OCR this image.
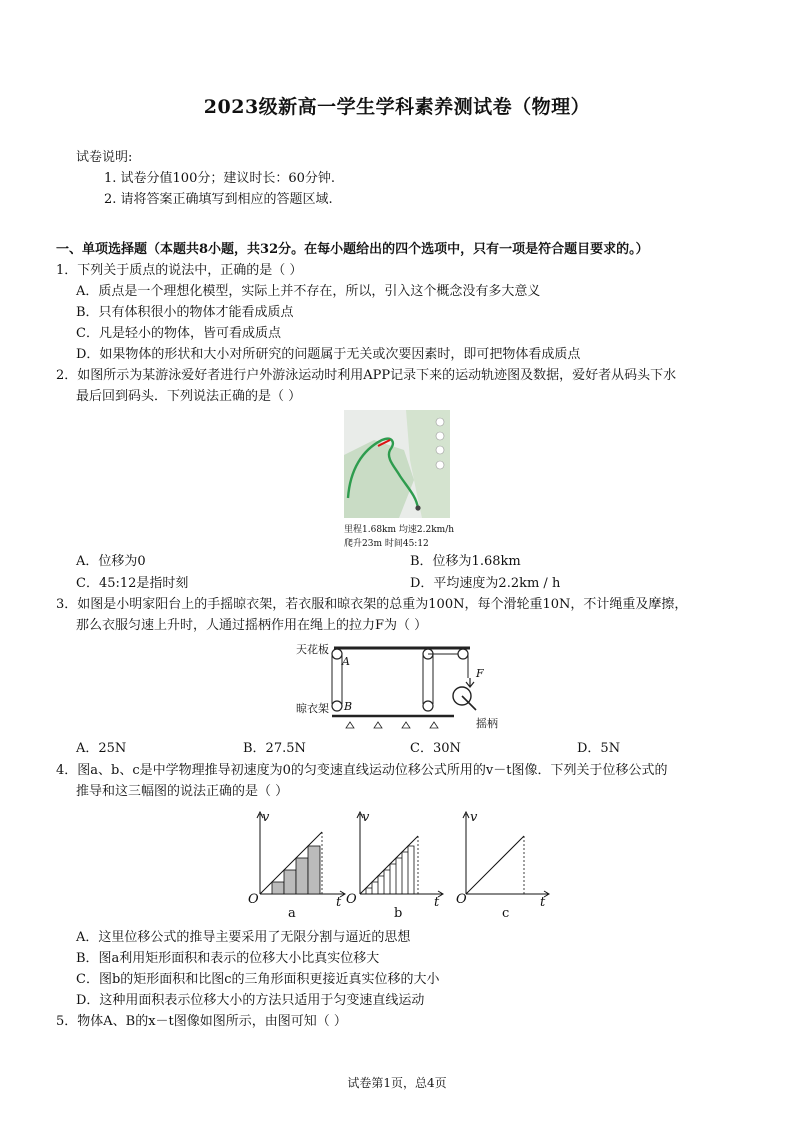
2023级新高一学生学科素养测试卷（物理）
试卷说明:
1. 试卷分值100分；建议时长：60分钟.
2. 请将答案正确填写到相应的答题区域.
一、单项选择题（本题共8小题，共32分。在每小题给出的四个选项中，只有一项是符合题目要求的。）
1．下列关于质点的说法中，正确的是（ ）
A．质点是一个理想化模型，实际上并不存在，所以，引入这个概念没有多大意义
B．只有体积很小的物体才能看成质点
C．凡是轻小的物体，皆可看成质点
D．如果物体的形状和大小对所研究的问题属于无关或次要因素时，即可把物体看成质点
2．如图所示为某游泳爱好者进行户外游泳运动时利用APP记录下来的运动轨迹图及数据，爱好者从码头下水
最后回到码头．下列说法正确的是（ ）
里程1.68km 均速2.2km/h
爬升23m 时间45:12
A．位移为0	B．位移为1.68km
C．45:12是指时刻	D．平均速度为2.2km / h
3．如图是小明家阳台上的手摇晾衣架，若衣服和晾衣架的总重为100N，每个滑轮重10N，不计绳重及摩擦，
那么衣服匀速上升时，人通过摇柄作用在绳上的拉力F为（ ）
天花板
A
晾衣架 B
F
摇柄
A．25N	B．27.5N	C．30N	D．5N
4．图a、b、c是中学物理推导初速度为0的匀变速直线运动位移公式所用的v－t图像．下列关于位移公式的
推导和这三幅图的说法正确的是（ ）
v
t
O
a
v
t
O
b
v
t
O
c
A．这里位移公式的推导主要采用了无限分割与逼近的思想
B．图a利用矩形面积和表示的位移大小比真实位移大
C．图b的矩形面积和比图c的三角形面积更接近真实位移的大小
D．这种用面积表示位移大小的方法只适用于匀变速直线运动
5．物体A、B的x－t图像如图所示，由图可知（ ）
试卷第1页，总4页
